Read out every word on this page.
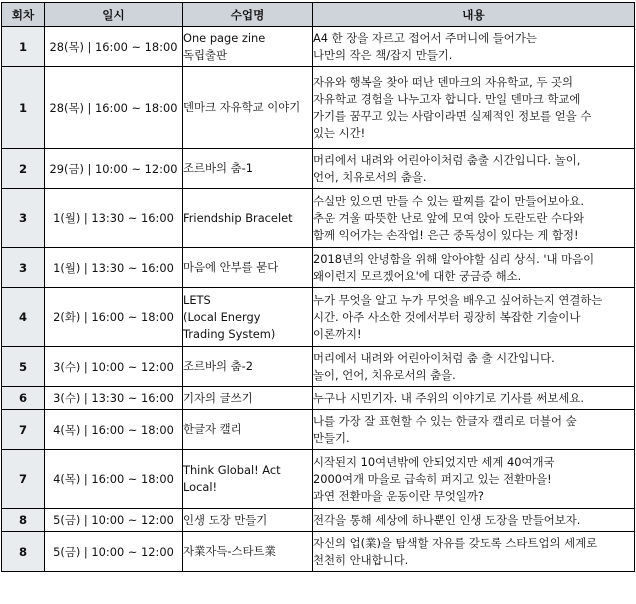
회차	일시	수업명	내용
1	28(목) | 16:00 ~ 18:00	One page zine
독립출판	A4 한 장을 자르고 접어서 주머니에 들어가는
나만의 작은 책/잡지 만들기.

1	28(목) | 16:00 ~ 18:00	덴마크 자유학교 이야기	자유와 행복을 찾아 떠난 덴마크의 자유학교, 두 곳의
자유학교 경험을 나누고자 합니다. 만일 덴마크 학교에
가기를 꿈꾸고 있는 사람이라면 실제적인 정보를 얻을 수
있는 시간!

2	29(금) | 10:00 ~ 12:00	조르바의 춤-1	머리에서 내려와 어린아이처럼 춤출 시간입니다. 놀이,
언어, 치유로서의 춤을.

3	1(월) | 13:30 ~ 16:00	Friendship Bracelet	수실만 있으면 만들 수 있는 팔찌를 같이 만들어보아요.
추운 겨울 따뜻한 난로 앞에 모여 앉아 도란도란 수다와
함께 익어가는 손작업! 은근 중독성이 있다는 게 함정!

3	1(월) | 13:30 ~ 16:00	마음에 안부를 묻다	2018년의 안녕함을 위해 알아야할 심리 상식. '내 마음이
왜이런지 모르겠어요'에 대한 궁금증 해소.

4	2(화) | 16:00 ~ 18:00	LETS
(Local Energy
Trading System)	누가 무엇을 알고 누가 무엇을 배우고 싶어하는지 연결하는
시간. 아주 사소한 것에서부터 굉장히 복잡한 기술이나
이론까지!

5	3(수) | 10:00 ~ 12:00	조르바의 춤-2	머리에서 내려와 어린아이처럼 춤 출 시간입니다.
놀이, 언어, 치유로서의 춤을.

6	3(수) | 13:30 ~ 16:00	기자의 글쓰기	누구나 시민기자. 내 주위의 이야기로 기사를 써보세요.

7	4(목) | 16:00 ~ 18:00	한글자 캘리	나를 가장 잘 표현할 수 있는 한글자 캘리로 더블어 숲
만들기.

7	4(목) | 16:00 ~ 18:00	Think Global! Act
Local!	시작된지 10여년밖에 안되었지만 세계 40여개국
2000여개 마을로 급속히 퍼지고 있는 전환마을!
과연 전환마을 운동이란 무엇일까?

8	5(금) | 10:00 ~ 12:00	인생 도장 만들기	전각을 통해 세상에 하나뿐인 인생 도장을 만들어보자.

8	5(금) | 10:00 ~ 12:00	자業자득-스타트業	자신의 업(業)을 탐색할 자유를 갖도록 스타트업의 세계로
천천히 안내합니다.
